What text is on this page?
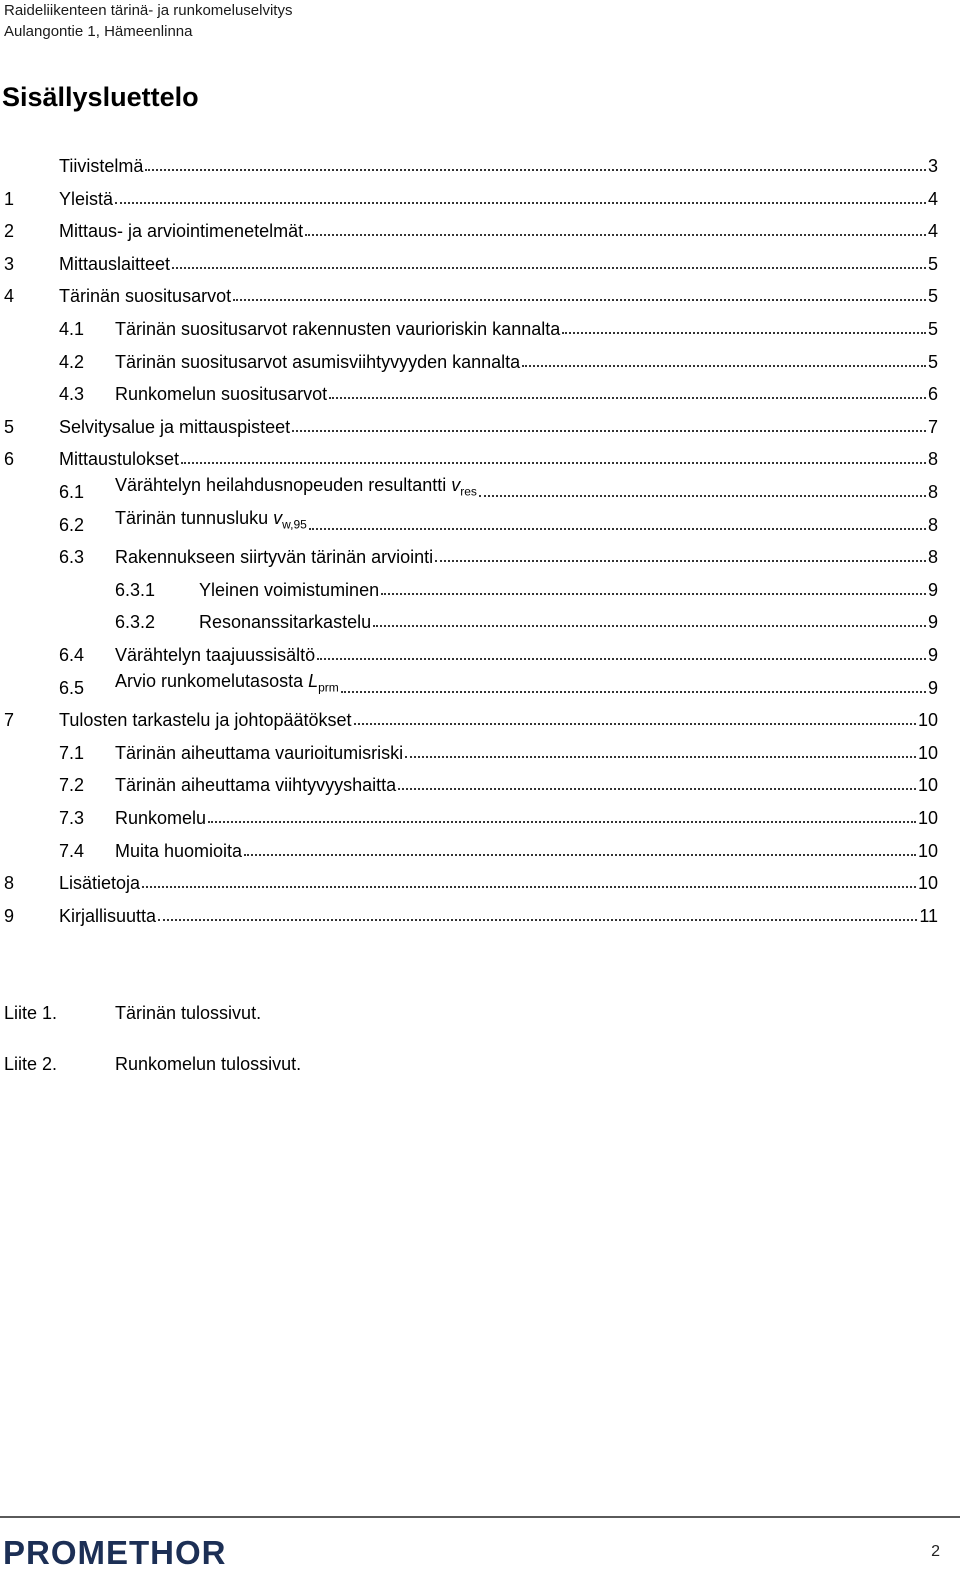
Raideliikenteen tärinä- ja runkomeluselvitys
Aulangontie 1, Hämeenlinna
Sisällysluettelo
Tiivistelmä	3
1	Yleistä	4
2	Mittaus- ja arviointimenetelmät	4
3	Mittauslaitteet	5
4	Tärinän suositusarvot	5
4.1	Tärinän suositusarvot rakennusten vaurioriskin kannalta	5
4.2	Tärinän suositusarvot asumisviihtyvyyden kannalta	5
4.3	Runkomelun suositusarvot	6
5	Selvitysalue ja mittauspisteet	7
6	Mittaustulokset	8
6.1	Värähtelyn heilahdusnopeuden resultantti $v_{res}$	8
6.2	Tärinän tunnusluku $v_{w,95}$	8
6.3	Rakennukseen siirtyvän tärinän arviointi	8
6.3.1	Yleinen voimistuminen	9
6.3.2	Resonanssitarkastelu	9
6.4	Värähtelyn taajuussisältö	9
6.5	Arvio runkomelutasosta $L_{prm}$	9
7	Tulosten tarkastelu ja johtopäätökset	10
7.1	Tärinän aiheuttama vaurioitumisriski	10
7.2	Tärinän aiheuttama viihtyvyyshaitta	10
7.3	Runkomelu	10
7.4	Muita huomioita	10
8	Lisätietoja	10
9	Kirjallisuutta	11
Liite 1.	Tärinän tulossivut.
Liite 2.	Runkomelun tulossivut.
PROMETHOR	2
